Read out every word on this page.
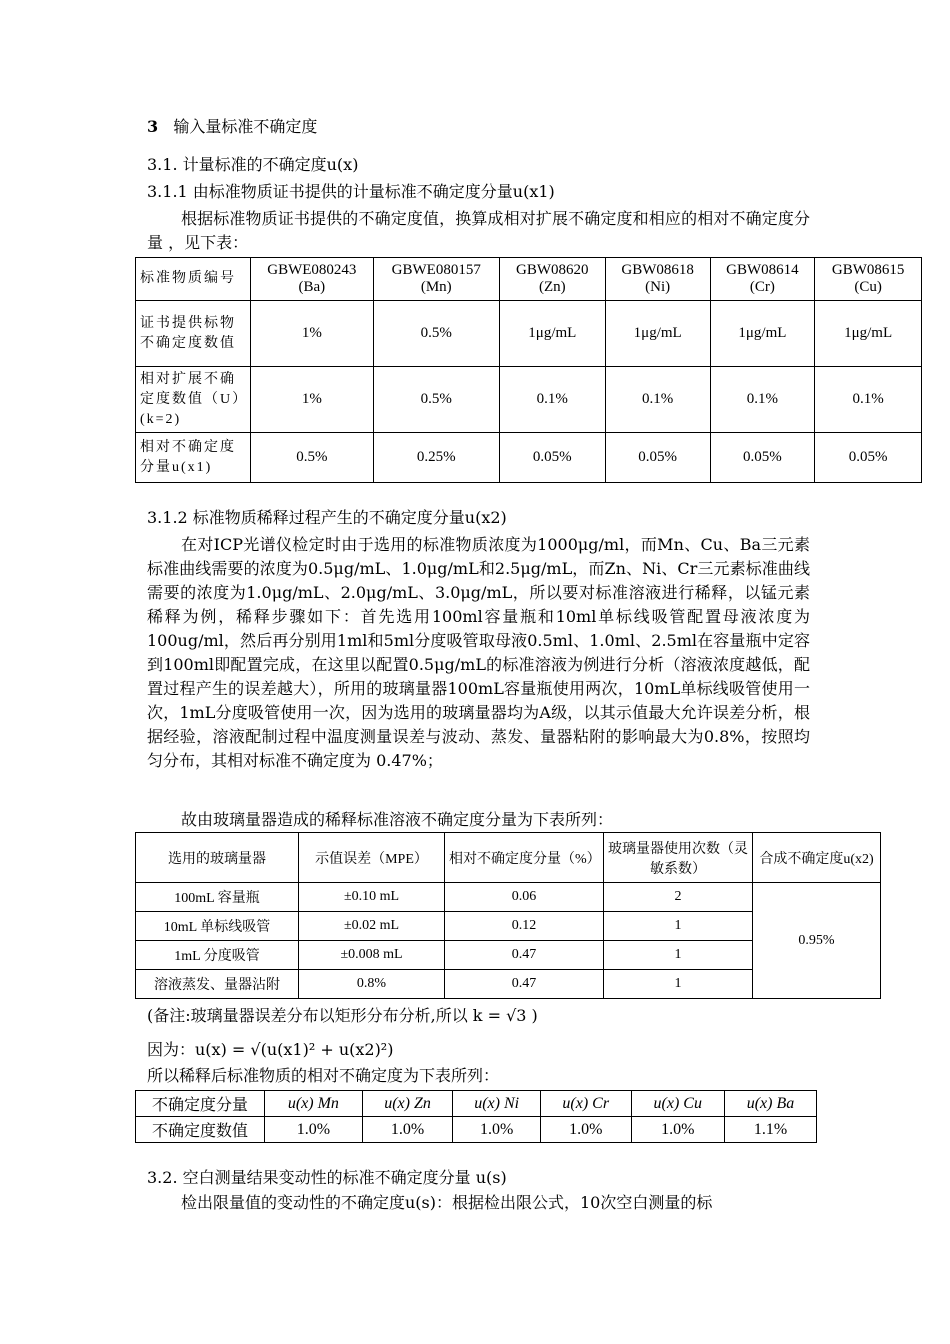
3 输入量标准不确定度
3.1. 计量标准的不确定度u(x)
3.1.1 由标准物质证书提供的计量标准不确定度分量u(x1)
根据标准物质证书提供的不确定度值，换算成相对扩展不确定度和相应的相对不确定度分量 ，见下表：
标准物质编号	GBWE080243 (Ba)	GBWE080157 (Mn)	GBW08620 (Zn)	GBW08618 (Ni)	GBW08614 (Cr)	GBW08615 (Cu)
证书提供标物不确定度数值	1%	0.5%	1μg/mL	1μg/mL	1μg/mL	1μg/mL
相对扩展不确定度数值（U）(k=2)	1%	0.5%	0.1%	0.1%	0.1%	0.1%
相对不确定度分量u(x1)	0.5%	0.25%	0.05%	0.05%	0.05%	0.05%
3.1.2 标准物质稀释过程产生的不确定度分量u(x2)
在对ICP光谱仪检定时由于选用的标准物质浓度为1000μg/ml，而Mn、Cu、Ba三元素标准曲线需要的浓度为0.5μg/mL、1.0μg/mL和2.5μg/mL，而Zn、Ni、Cr三元素标准曲线需要的浓度为1.0μg/mL、2.0μg/mL、3.0μg/mL，所以要对标准溶液进行稀释，以锰元素稀释为例，稀释步骤如下：首先选用100ml容量瓶和10ml单标线吸管配置母液浓度为100ug/ml，然后再分别用1ml和5ml分度吸管取母液0.5ml、1.0ml、2.5ml在容量瓶中定容到100ml即配置完成，在这里以配置0.5μg/mL的标准溶液为例进行分析（溶液浓度越低，配置过程产生的误差越大），所用的玻璃量器100mL容量瓶使用两次，10mL单标线吸管使用一次，1mL分度吸管使用一次，因为选用的玻璃量器均为A级，以其示值最大允许误差分析，根据经验，溶液配制过程中温度测量误差与波动、蒸发、量器粘附的影响最大为0.8%，按照均匀分布，其相对标准不确定度为 0.47%；
故由玻璃量器造成的稀释标准溶液不确定度分量为下表所列：
选用的玻璃量器	示值误差（MPE）	相对不确定度分量（%）	玻璃量器使用次数（灵敏系数）	合成不确定度u(x2)
100mL 容量瓶	±0.10 mL	0.06	2	0.95%
10mL 单标线吸管	±0.02 mL	0.12	1	
1mL 分度吸管	±0.008 mL	0.47	1	
溶液蒸发、量器沾附	0.8%	0.47	1	
(备注:玻璃量器误差分布以矩形分布分析,所以 k = √3 )
因为：u(x) = √(u(x1)² + u(x2)²)
所以稀释后标准物质的相对不确定度为下表所列：
不确定度分量	u(x) Mn	u(x) Zn	u(x) Ni	u(x) Cr	u(x) Cu	u(x) Ba
不确定度数值	1.0%	1.0%	1.0%	1.0%	1.0%	1.1%
3.2. 空白测量结果变动性的标准不确定度分量 u(s)
检出限量值的变动性的不确定度u(s)：根据检出限公式，10次空白测量的标
